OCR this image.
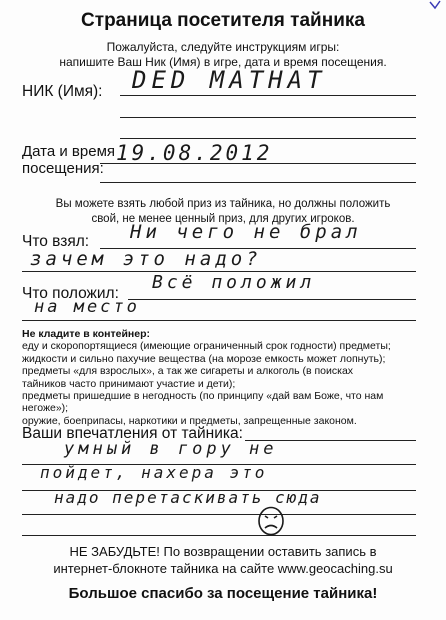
Страница посетителя тайника
Пожалуйста, следуйте инструкциям игры:
напишите Ваш Ник (Имя) в игре, дата и время посещения.
НИК (Имя): DED MATHAT
Дата и время
посещения:
19.08.2012
Вы можете взять любой приз из тайника, но должны положить
свой, не менее ценный приз, для других игроков.
Что взял: Ни чего не брал
зачем это надо?
Что положил:
Всё положил
на место
Не кладите в контейнер:
еду и скоропортящиеся (имеющие ограниченный срок годности) предметы;
жидкости и сильно пахучие вещества (на морозе емкость может лопнуть);
предметы «для взрослых», а так же сигареты и алкоголь (в поисках
тайников часто принимают участие и дети);
предметы пришедшие в негодность (по принципу «дай вам Боже, что нам негоже»);
оружие, боеприпасы, наркотики и предметы, запрещенные законом.
Ваши впечатления от тайника:
умный в гору не
пойдет, нахера это
надо перетаскивать сюда
НЕ ЗАБУДЬТЕ! По возвращении оставить запись в
интернет-блокноте тайника на сайте www.geocaching.su
Большое спасибо за посещение тайника!
